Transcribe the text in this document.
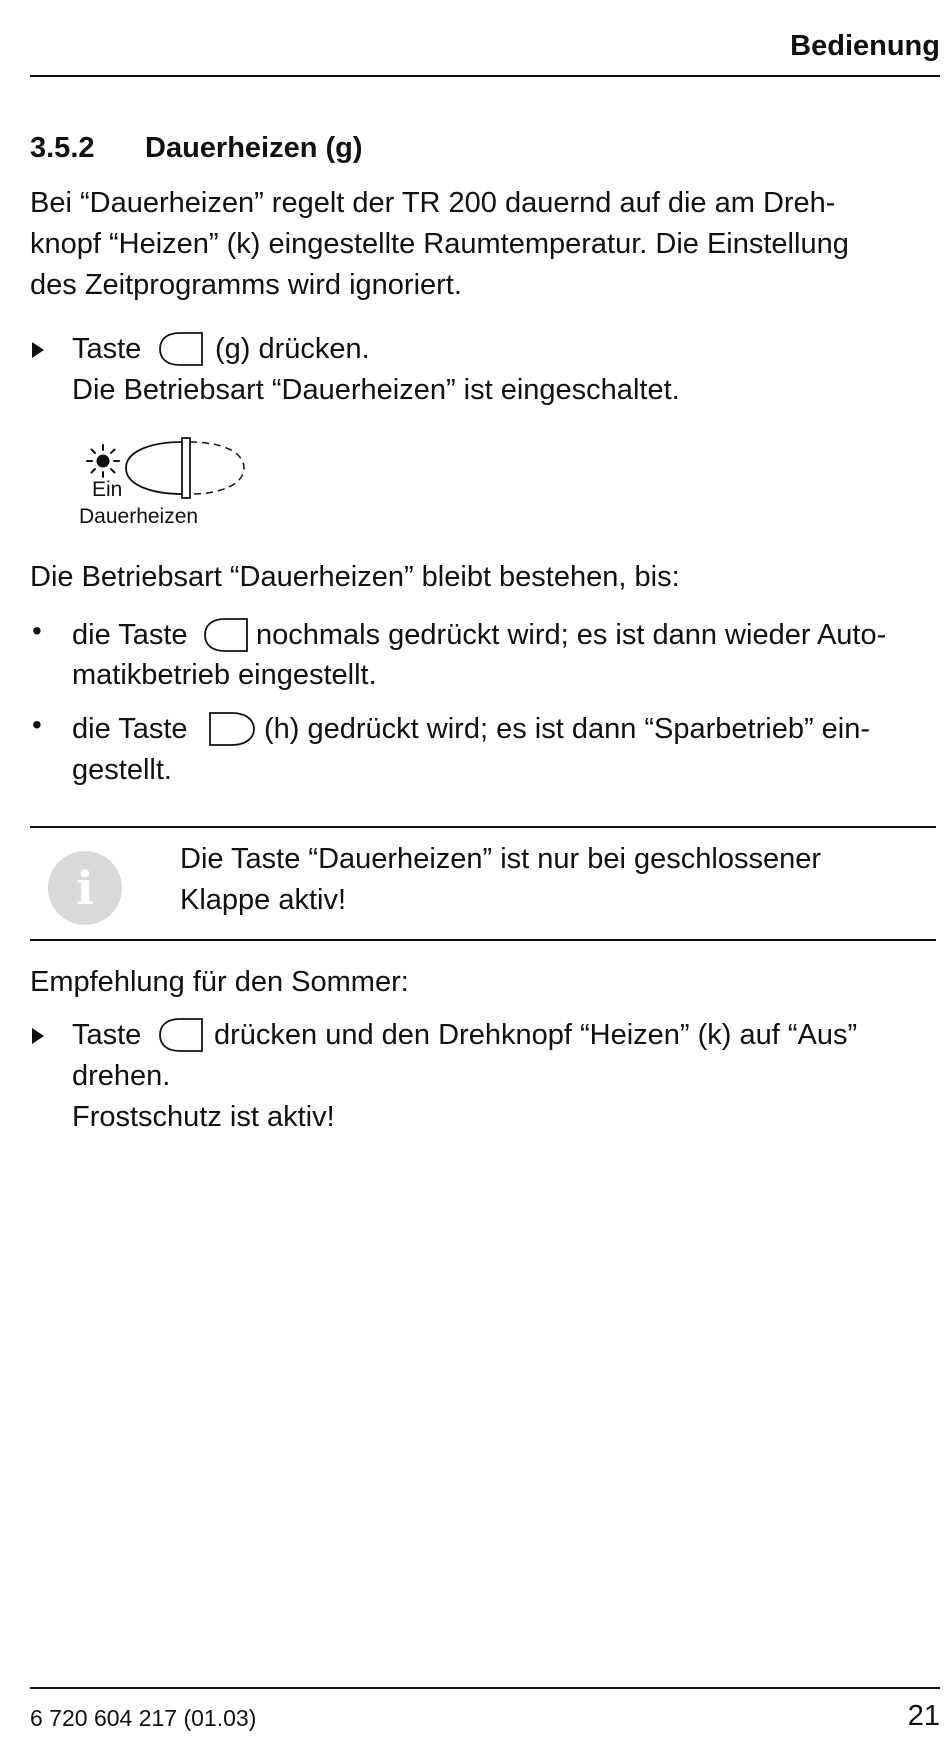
Bedienung
3.5.2 Dauerheizen (g)
Bei “Dauerheizen” regelt der TR 200 dauernd auf die am Dreh-
knopf “Heizen” (k) eingestellte Raumtemperatur. Die Einstellung
des Zeitprogramms wird ignoriert.
Taste	(g) drücken.
Die Betriebsart “Dauerheizen” ist eingeschaltet.
Ein
Dauerheizen
Die Betriebsart “Dauerheizen” bleibt bestehen, bis:
• die Taste nochmals gedrückt wird; es ist dann wieder Auto-
matikbetrieb eingestellt.
• die Taste	(h) gedrückt wird; es ist dann “Sparbetrieb” ein-
gestellt.
i
Die Taste “Dauerheizen” ist nur bei geschlossener
Klappe aktiv!
Empfehlung für den Sommer:
Taste	drücken und den Drehknopf “Heizen” (k) auf “Aus”
drehen.
Frostschutz ist aktiv!
6 720 604 217 (01.03)	21
